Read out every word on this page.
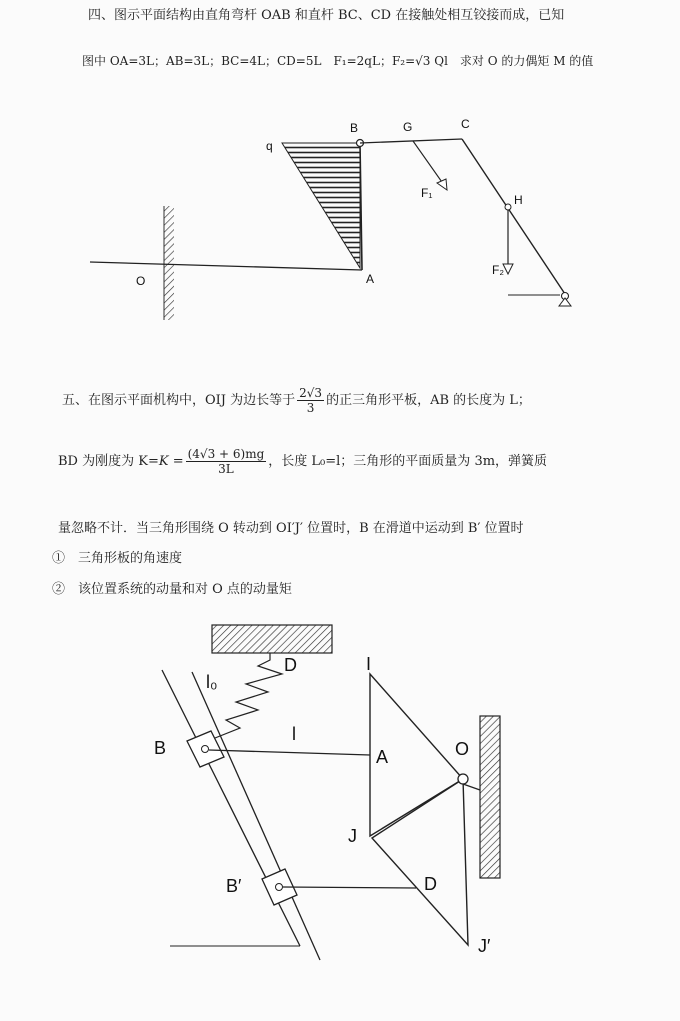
四、图示平面结构由直角弯杆 OAB 和直杆 BC、CD 在接触处相互铰接而成，已知
图中 OA=3L；AB=3L；BC=4L；CD=5L　F₁=2qL；F₂=√3 Ql　求对 O 的力偶矩 M 的值
q
B	G	C
F₁	H
F₂
O	A
五、在图示平面机构中，OIJ 为边长等于 $\frac{2√3}{3}$ 的正三角形平板，AB 的长度为 L；
BD 为刚度为 $K=K = \frac{(4√3 + 6)mg}{3L}$ ，长度 L₀=l；三角形的平面质量为 3m，弹簧质
量忽略不计．当三角形围绕 O 转动到 OI′J′ 位置时，B 在滑道中运动到 B′ 位置时
①　三角形板的角速度
②　该位置系统的动量和对 O 点的动量矩
D
l₀
B
l
A
I
O
J
B′	D
J′
